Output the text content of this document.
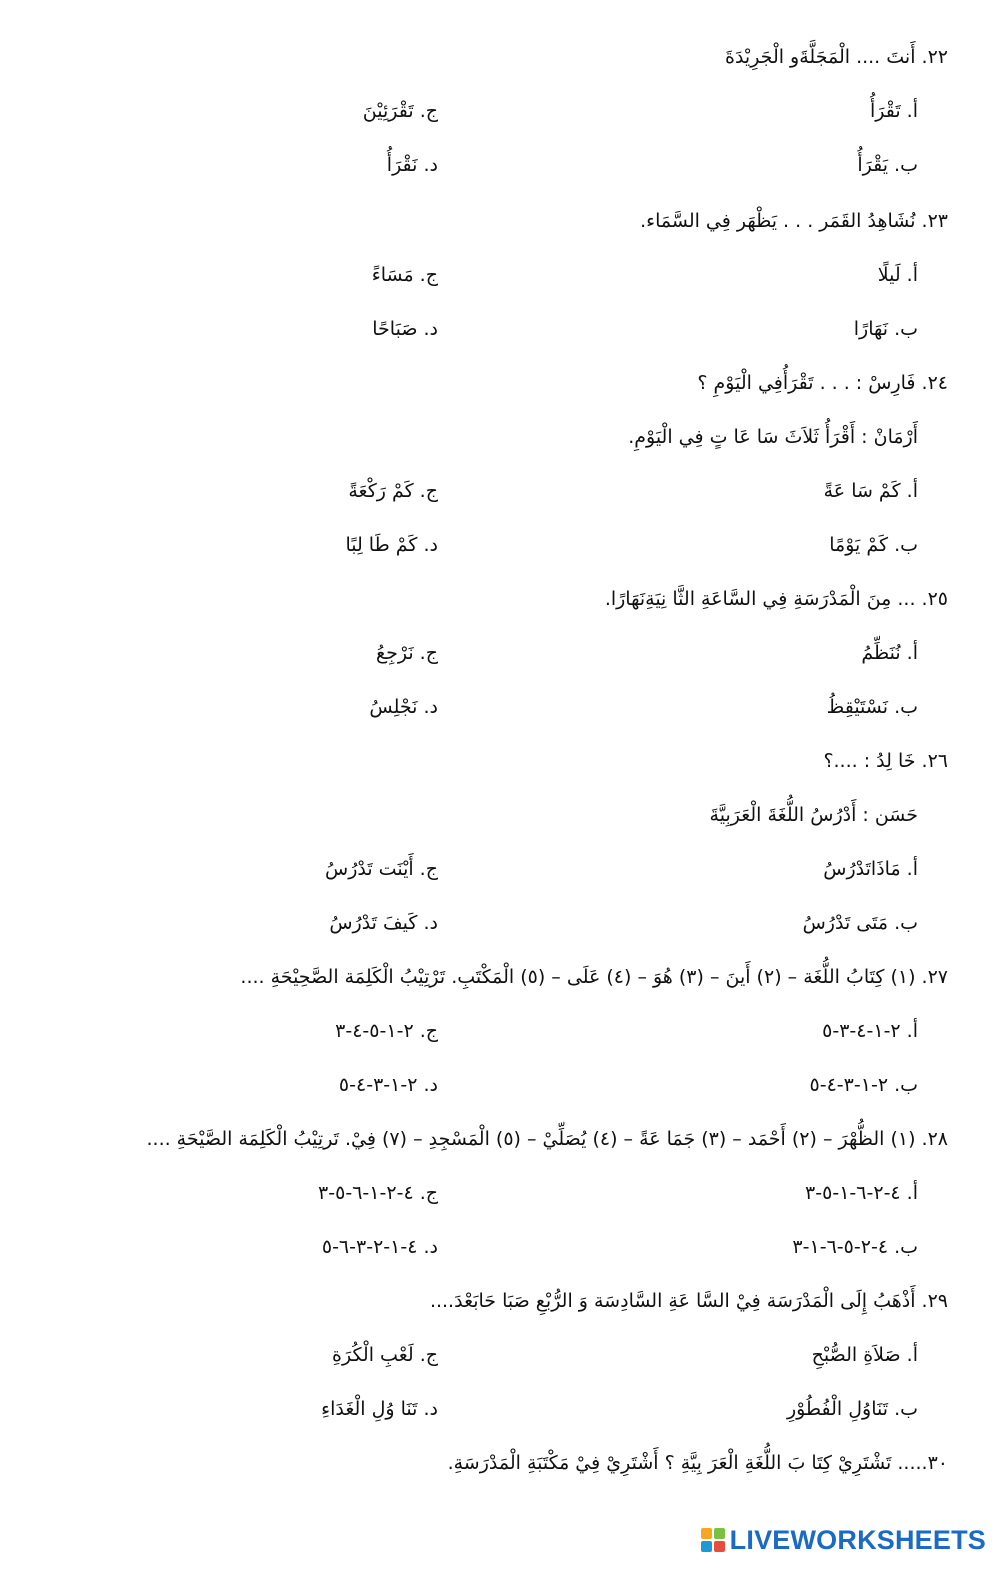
٢٢. أَنتَ .... الْمَجَلَّةَو الْجَرِيْدَةَ
أ. تَقْرَأُ
ج. تَقْرَئِيْنَ
ب. يَقْرَأُ
د. نَقْرَأُ
٢٣. نُشَاهِدُ القَمَر . . . يَظْهَر فِي السَّمَاء.
أ. لَيلًا
ج. مَسَاءً
ب. نَهَارًا
د. صَبَاحًا
٢٤. فَارِسْ : . . . تَقْرَأُفِي الْيَوْمِ ؟
أَرْمَانْ : أَقْرَأُ ثَلاَثَ سَا عَا تٍ فِي الْيَوْمِ.
أ. كَمْ سَا عَةً
ج. كَمْ رَكْعَةً
ب. كَمْ يَوْمًا
د. كَمْ طَا لِبًا
٢٥. ... مِنَ الْمَدْرَسَةِ فِي السَّاعَةِ الثَّا نِيَةِنَهَارًا.
أ. نُنَظِّمُ
ج. نَرْجِعُ
ب. نَسْتَيْقِظُ
د. نَجْلِسُ
٢٦. خَا لِدُ : ....؟
حَسَن : أَدْرُسُ اللُّغَةَ الْعَرَبِيَّةَ
أ. مَاذَاتَدْرُسُ
ج. أَيْنَت تَدْرُسُ
ب. مَتَى تَدْرُسُ
د. كَيفَ تَدْرُسُ
٢٧. (١) كِتَابُ اللُّغَة – (٢) أَينَ – (٣) هُوَ – (٤) عَلَى – (٥) الْمَكْتَبِ. تَرْتِيْبُ الْكَلِمَة الصَّحِيْحَةِ ....
أ. ٢-١-٤-٣-٥
ج. ٢-١-٥-٤-٣
ب. ٢-١-٣-٤-٥
د. ٢-١-٣-٤-٥
٢٨. (١) الظُّهْرَ – (٢) أَحْمَد – (٣) جَمَا عَةً – (٤) يُصَلِّيْ – (٥) الْمَسْجِدِ – (٧) فِيْ. تَرتِيْبُ الْكَلِمَة الصَّيْحَةِ ....
أ. ٤-٢-٦-١-٥-٣
ج. ٤-٢-١-٦-٥-٣
ب. ٤-٢-٥-٦-١-٣
د. ٤-١-٢-٣-٦-٥
٢٩. أَذْهَبُ إِلَى الْمَدْرَسَة فِيْ السَّا عَةِ السَّادِسَة وَ الرُّبْعِ صَبَا حَابَعْدَ....
أ. صَلاَةِ الصُّبْحِ
ج. لَعْبِ الْكُرَةِ
ب. تَنَاوُلِ الْفُطُوْرِ
د. تَنَا وُلِ الْغَدَاءِ
٣٠..... تَشْتَرِيْ كِتَا بَ اللُّغَةِ الْعَرَ بِيَّةِ ؟ أَشْتَرِيْ فِيْ مَكْتَبَةِ الْمَدْرَسَةِ.
LIVEWORKSHEETS
